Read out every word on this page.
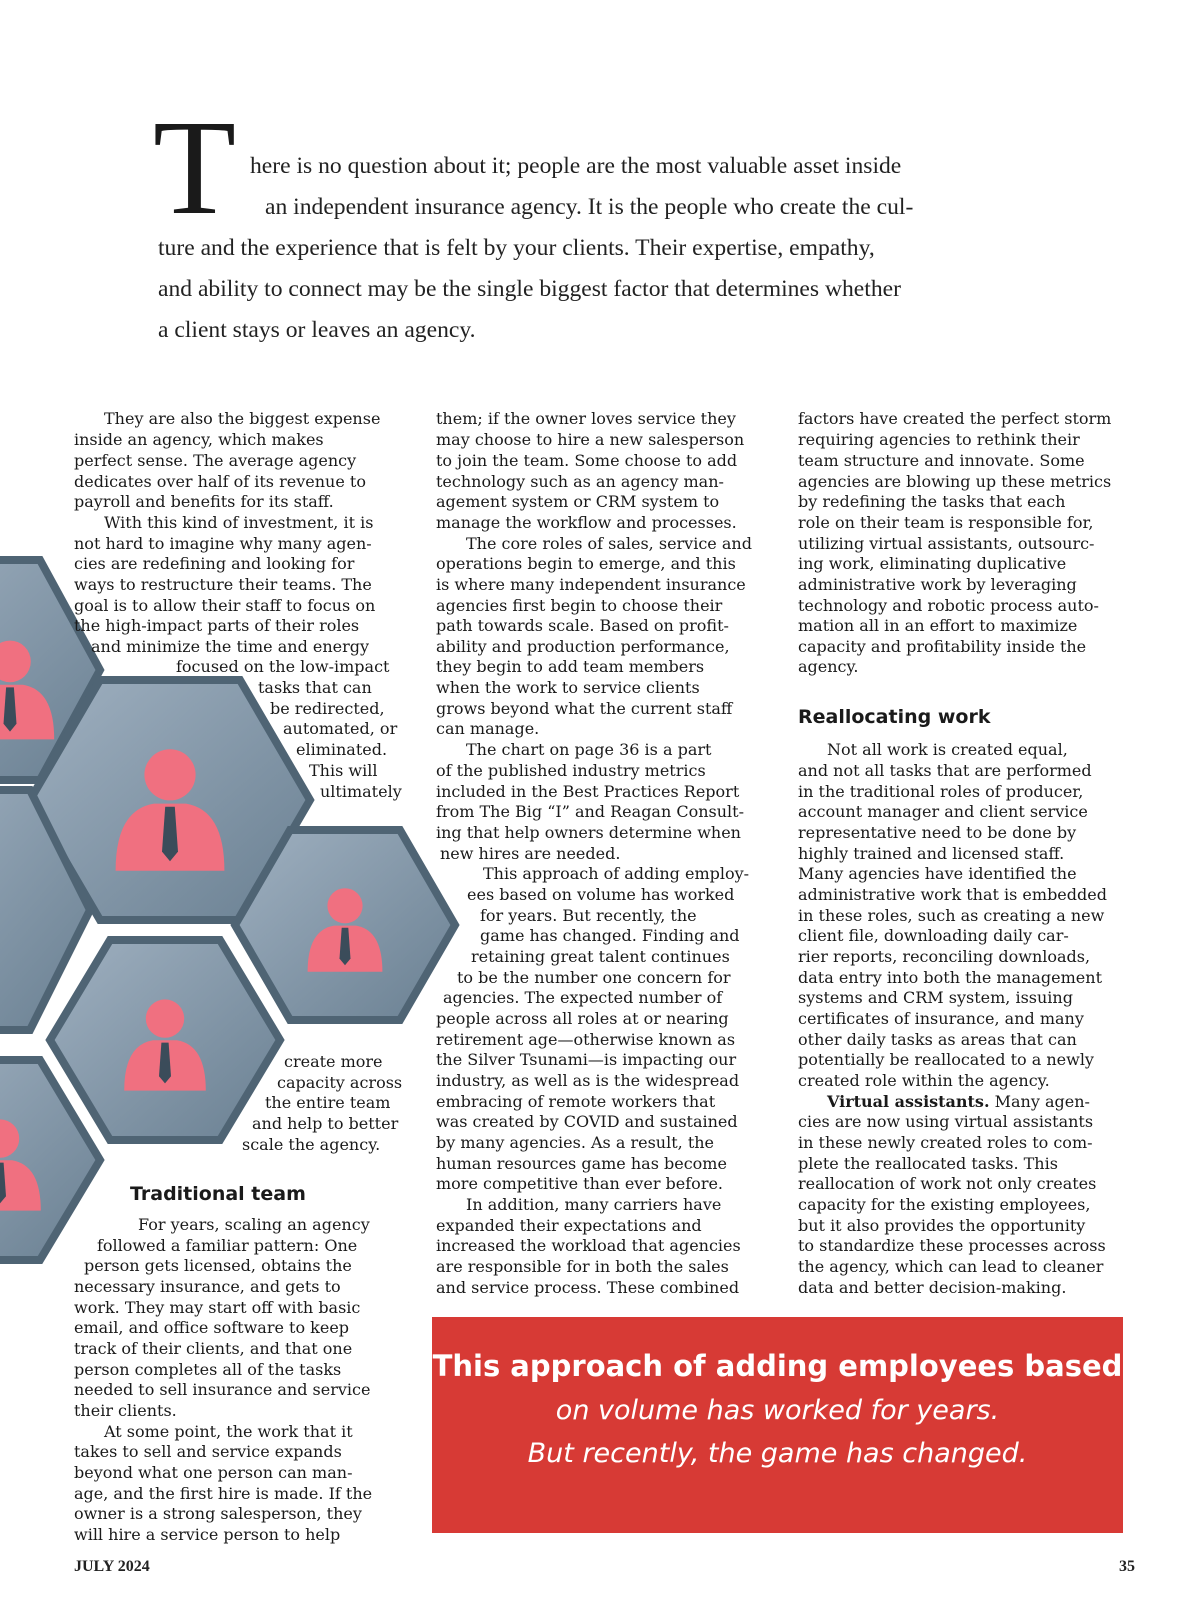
T here is no question about it; people are the most valuable asset inside
an independent insurance agency. It is the people who create the cul-
ture and the experience that is felt by your clients. Their expertise, empathy,
and ability to connect may be the single biggest factor that determines whether
a client stays or leaves an agency.
They are also the biggest expense
inside an agency, which makes
perfect sense. The average agency
dedicates over half of its revenue to
payroll and benefits for its staff.
With this kind of investment, it is
not hard to imagine why many agen-
cies are redefining and looking for
ways to restructure their teams. The
goal is to allow their staff to focus on
the high-impact parts of their roles
and minimize the time and energy
focused on the low-impact
tasks that can
be redirected,
automated, or
eliminated.
This will
ultimately
create more
capacity across
the entire team
and help to better
scale the agency.
Traditional team
For years, scaling an agency
followed a familiar pattern: One
person gets licensed, obtains the
necessary insurance, and gets to
work. They may start off with basic
email, and office software to keep
track of their clients, and that one
person completes all of the tasks
needed to sell insurance and service
their clients.
At some point, the work that it
takes to sell and service expands
beyond what one person can man-
age, and the first hire is made. If the
owner is a strong salesperson, they
will hire a service person to help
them; if the owner loves service they
may choose to hire a new salesperson
to join the team. Some choose to add
technology such as an agency man-
agement system or CRM system to
manage the workflow and processes.
The core roles of sales, service and
operations begin to emerge, and this
is where many independent insurance
agencies first begin to choose their
path towards scale. Based on profit-
ability and production performance,
they begin to add team members
when the work to service clients
grows beyond what the current staff
can manage.
The chart on page 36 is a part
of the published industry metrics
included in the Best Practices Report
from The Big “I” and Reagan Consult-
ing that help owners determine when
new hires are needed.
This approach of adding employ-
ees based on volume has worked
for years. But recently, the
game has changed. Finding and
retaining great talent continues
to be the number one concern for
agencies. The expected number of
people across all roles at or nearing
retirement age—otherwise known as
the Silver Tsunami—is impacting our
industry, as well as is the widespread
embracing of remote workers that
was created by COVID and sustained
by many agencies. As a result, the
human resources game has become
more competitive than ever before.
In addition, many carriers have
expanded their expectations and
increased the workload that agencies
are responsible for in both the sales
and service process. These combined
factors have created the perfect storm
requiring agencies to rethink their
team structure and innovate. Some
agencies are blowing up these metrics
by redefining the tasks that each
role on their team is responsible for,
utilizing virtual assistants, outsourc-
ing work, eliminating duplicative
administrative work by leveraging
technology and robotic process auto-
mation all in an effort to maximize
capacity and profitability inside the
agency.
Reallocating work
Not all work is created equal,
and not all tasks that are performed
in the traditional roles of producer,
account manager and client service
representative need to be done by
highly trained and licensed staff.
Many agencies have identified the
administrative work that is embedded
in these roles, such as creating a new
client file, downloading daily car-
rier reports, reconciling downloads,
data entry into both the management
systems and CRM system, issuing
certificates of insurance, and many
other daily tasks as areas that can
potentially be reallocated to a newly
created role within the agency.
Virtual assistants. Many agen-
cies are now using virtual assistants
in these newly created roles to com-
plete the reallocated tasks. This
reallocation of work not only creates
capacity for the existing employees,
but it also provides the opportunity
to standardize these processes across
the agency, which can lead to cleaner
data and better decision-making.
This approach of adding employees based
on volume has worked for years.
But recently, the game has changed.
JULY 2024	35
